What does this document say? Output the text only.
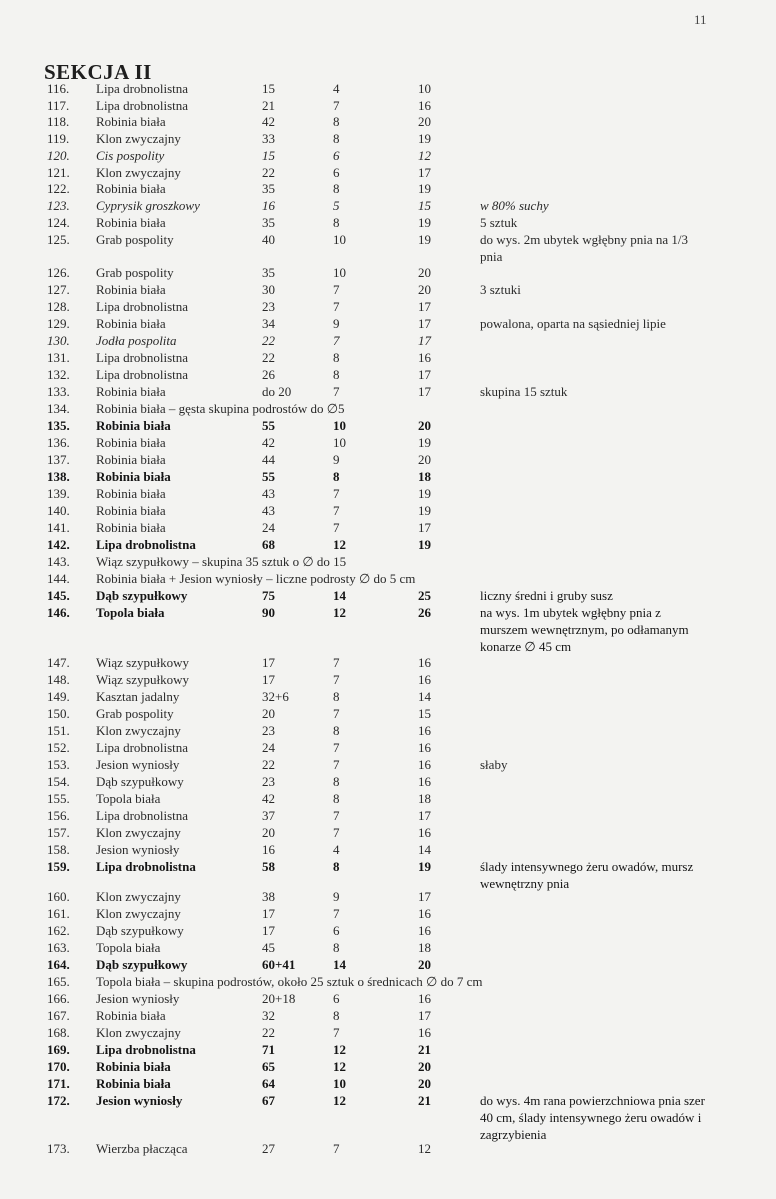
11
SEKCJA II
116. Lipa drobnolistna	15	4	10
117. Lipa drobnolistna	21	7	16
118. Robinia biała	42	8	20
119. Klon zwyczajny	33	8	19
120. Cis pospolity	15	6	12
121. Klon zwyczajny	22	6	17
122. Robinia biała	35	8	19
123. Cyprysik groszkowy	16	5	15	w 80% suchy
124. Robinia biała	35	8	19	5 sztuk
125. Grab pospolity	40	10	19	do wys. 2m ubytek wgłębny pnia na 1/3 pnia
126. Grab pospolity	35	10	20
127. Robinia biała	30	7	20	3 sztuki
128. Lipa drobnolistna	23	7	17
129. Robinia biała	34	9	17	powalona, oparta na sąsiedniej lipie
130. Jodła pospolita	22	7	17
131. Lipa drobnolistna	22	8	16
132. Lipa drobnolistna	26	8	17
133. Robinia biała	do 20	7	17	skupina 15 sztuk
134. Robinia biała – gęsta skupina podrostów do ∅5
135. Robinia biała	55	10	20
136. Robinia biała	42	10	19
137. Robinia biała	44	9	20
138. Robinia biała	55	8	18
139. Robinia biała	43	7	19
140. Robinia biała	43	7	19
141. Robinia biała	24	7	17
142. Lipa drobnolistna	68	12	19
143. Wiąz szypułkowy – skupina 35 sztuk o ∅ do 15
144. Robinia biała + Jesion wyniosły – liczne podrosty ∅ do 5 cm
145. Dąb szypułkowy	75	14	25	liczny średni i gruby susz
146. Topola biała	90	12	26	na wys. 1m ubytek wgłębny pnia z murszem wewnętrznym, po odłamanym konarze ∅ 45 cm
147. Wiąz szypułkowy	17	7	16
148. Wiąz szypułkowy	17	7	16
149. Kasztan jadalny	32+6	8	14
150. Grab pospolity	20	7	15
151. Klon zwyczajny	23	8	16
152. Lipa drobnolistna	24	7	16
153. Jesion wyniosły	22	7	16	słaby
154. Dąb szypułkowy	23	8	16
155. Topola biała	42	8	18
156. Lipa drobnolistna	37	7	17
157. Klon zwyczajny	20	7	16
158. Jesion wyniosły	16	4	14
159. Lipa drobnolistna	58	8	19	ślady intensywnego żeru owadów, mursz wewnętrzny pnia
160. Klon zwyczajny	38	9	17
161. Klon zwyczajny	17	7	16
162. Dąb szypułkowy	17	6	16
163. Topola biała	45	8	18
164. Dąb szypułkowy	60+41	14	20
165. Topola biała – skupina podrostów, około 25 sztuk o średnicach ∅ do 7 cm
166. Jesion wyniosły	20+18	6	16
167. Robinia biała	32	8	17
168. Klon zwyczajny	22	7	16
169. Lipa drobnolistna	71	12	21
170. Robinia biała	65	12	20
171. Robinia biała	64	10	20
172. Jesion wyniosły	67	12	21	do wys. 4m rana powierzchniowa pnia szer 40 cm, ślady intensywnego żeru owadów i zagrzybienia
173. Wierzba płacząca	27	7	12
